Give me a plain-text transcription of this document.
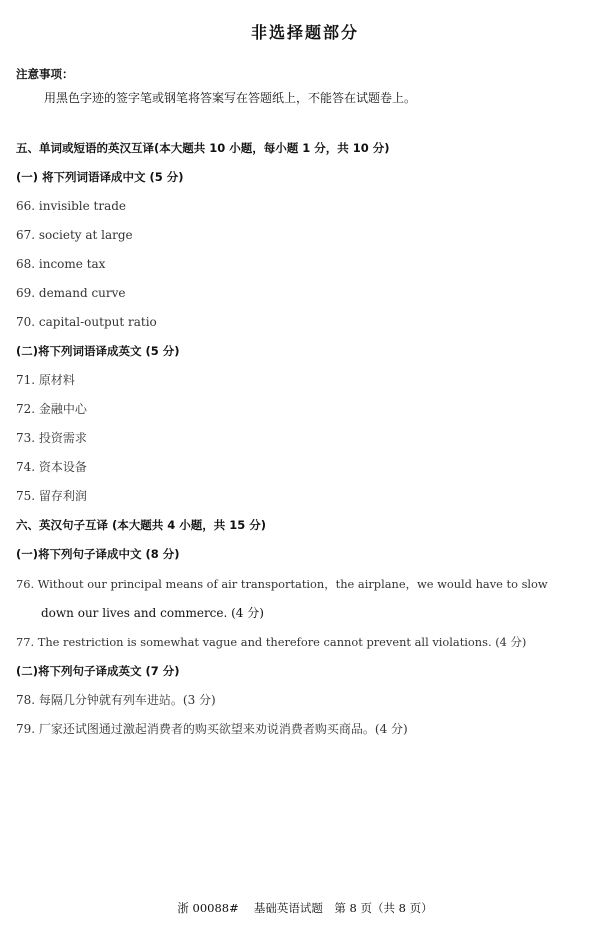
非选择题部分
注意事项：
用黑色字迹的签字笔或钢笔将答案写在答题纸上，不能答在试题卷上。
五、单词或短语的英汉互译(本大题共 10 小题，每小题 1 分，共 10 分)
(一) 将下列词语译成中文 (5 分)
66. invisible trade
67. society at large
68. income tax
69. demand curve
70. capital-output ratio
(二)将下列词语译成英文 (5 分)
71. 原材料
72. 金融中心
73. 投资需求
74. 资本设备
75. 留存利润
六、英汉句子互译 (本大题共 4 小题，共 15 分)
(一)将下列句子译成中文 (8 分)
76. Without our principal means of air transportation，the airplane，we would have to slow
down our lives and commerce. (4 分)
77. The restriction is somewhat vague and therefore cannot prevent all violations. (4 分)
(二)将下列句子译成英文 (7 分)
78. 每隔几分钟就有列车进站。(3 分)
79. 厂家还试图通过激起消费者的购买欲望来劝说消费者购买商品。(4 分)
浙 00088#　 基础英语试题　第 8 页（共 8 页）
